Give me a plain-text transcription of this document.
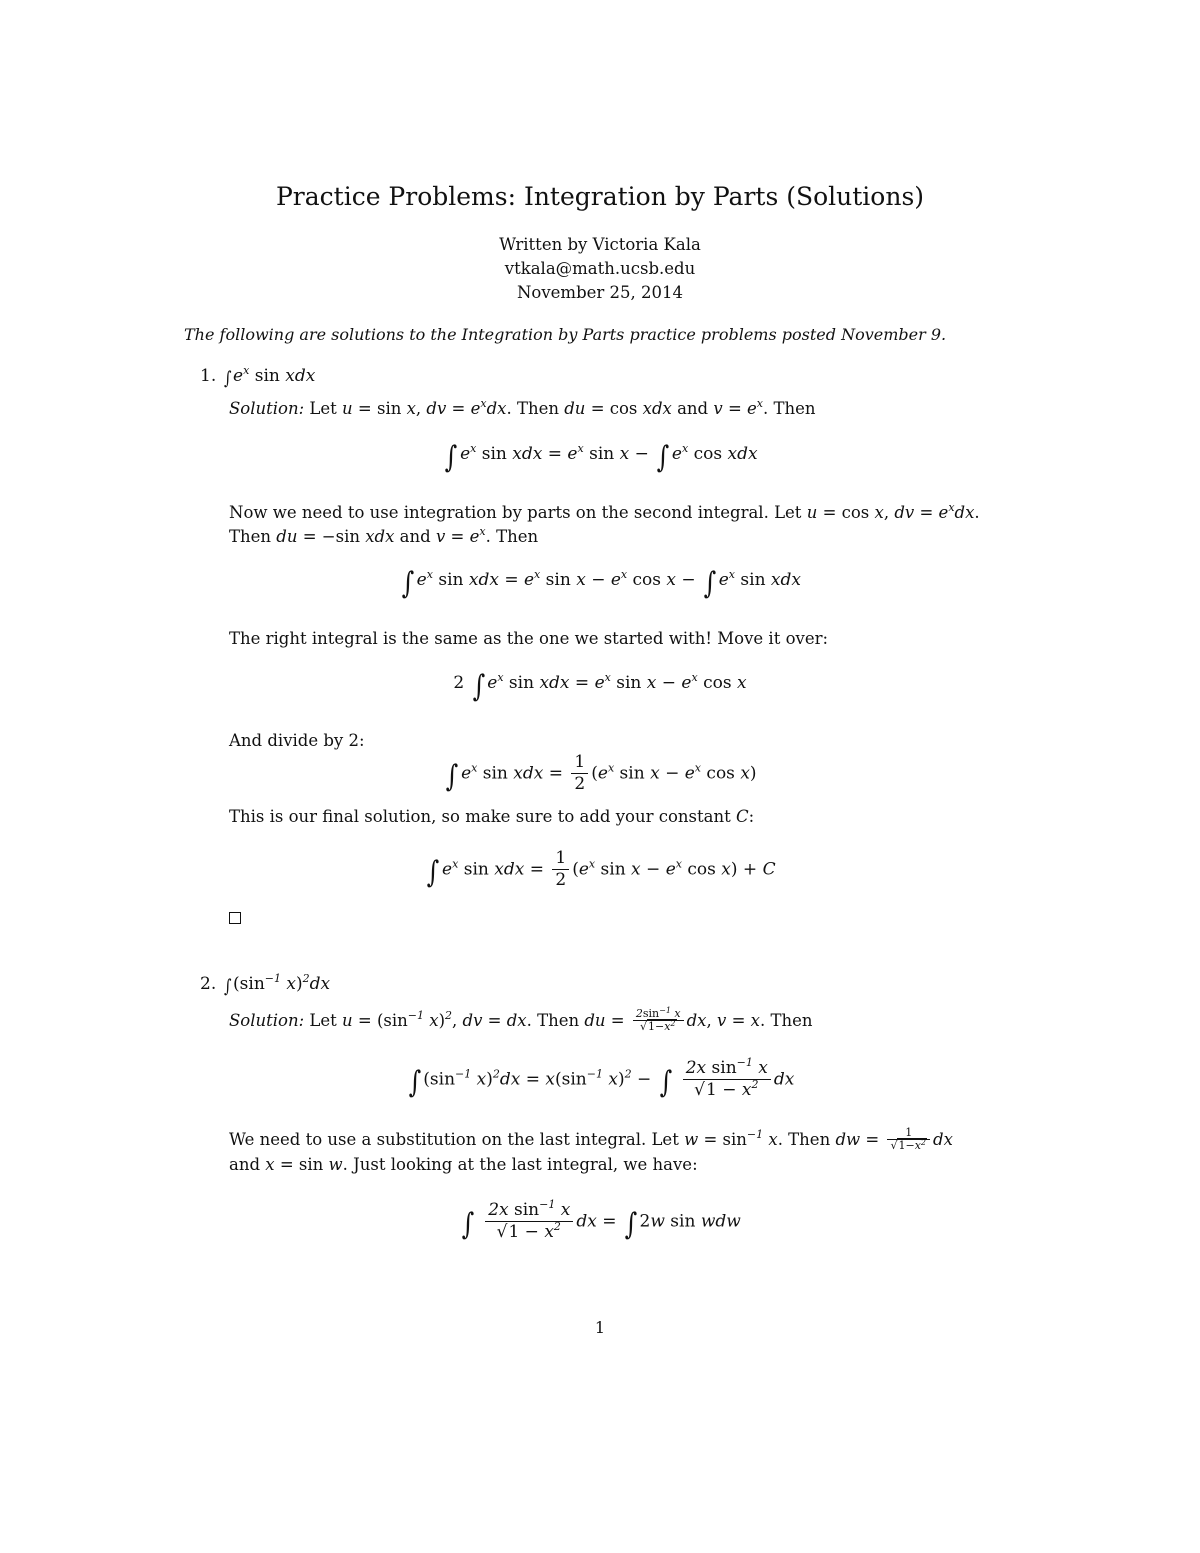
Practice Problems: Integration by Parts (Solutions)
Written by Victoria Kala
vtkala@math.ucsb.edu
November 25, 2014
The following are solutions to the Integration by Parts practice problems posted November 9.
1. ∫ $e^x$ sin xdx
Solution: Let u = sin x, dv = $e^xdx$. Then du = cos xdx and $v = e^x$. Then
∫ $e^x$ sin xdx = $e^x$ sin x − ∫ $e^x$ cos xdx
Now we need to use integration by parts on the second integral. Let u = cos x, dv = $e^xdx$.
Then du = −sin xdx and $v = e^x$. Then
∫ $e^x$ sin xdx = $e^x$ $\sin x - e^x$ cos x − ∫ $e^x$ sin xdx
The right integral is the same as the one we started with! Move it over:
2 ∫ $e^x$ sin xdx = $e^x$ $\sin x - e^x$ cos x
And divide by 2:
∫ $e^x$ sin xdx = $\frac{1}{2} (e^x$ $\sin x - e^x$ cos x)
This is our final solution, so make sure to add your constant C:
∫ $e^x$ sin xdx = $\frac{1}{2} (e^x$ $\sin x - e^x$ cos x) + C
2. ∫ ($\sin^{-1}$ x)$^2$dx
Solution: Let $u = (\sin^{-1}$ x)$^2$, dv = dx. Then du = $\frac{2\sin^{-1} x}{√1-x^2}$ dx, v = x. Then
∫ ($\sin^{-1}$ $x)^2dx = x(\sin^{-1}$ x)$^2$ − ∫ $\frac{2x \sin^{-1} x}{√1 - x^2}$ dx
We need to use a substitution on the last integral. Let $w = \sin^{-1} x$. Then dw = $\frac{1}{√1-x^2}$ dx
and x = sin w. Just looking at the last integral, we have:
∫ $\frac{2x \sin^{-1} x}{√1 - x^2}$ dx = ∫ 2w sin wdw
1
